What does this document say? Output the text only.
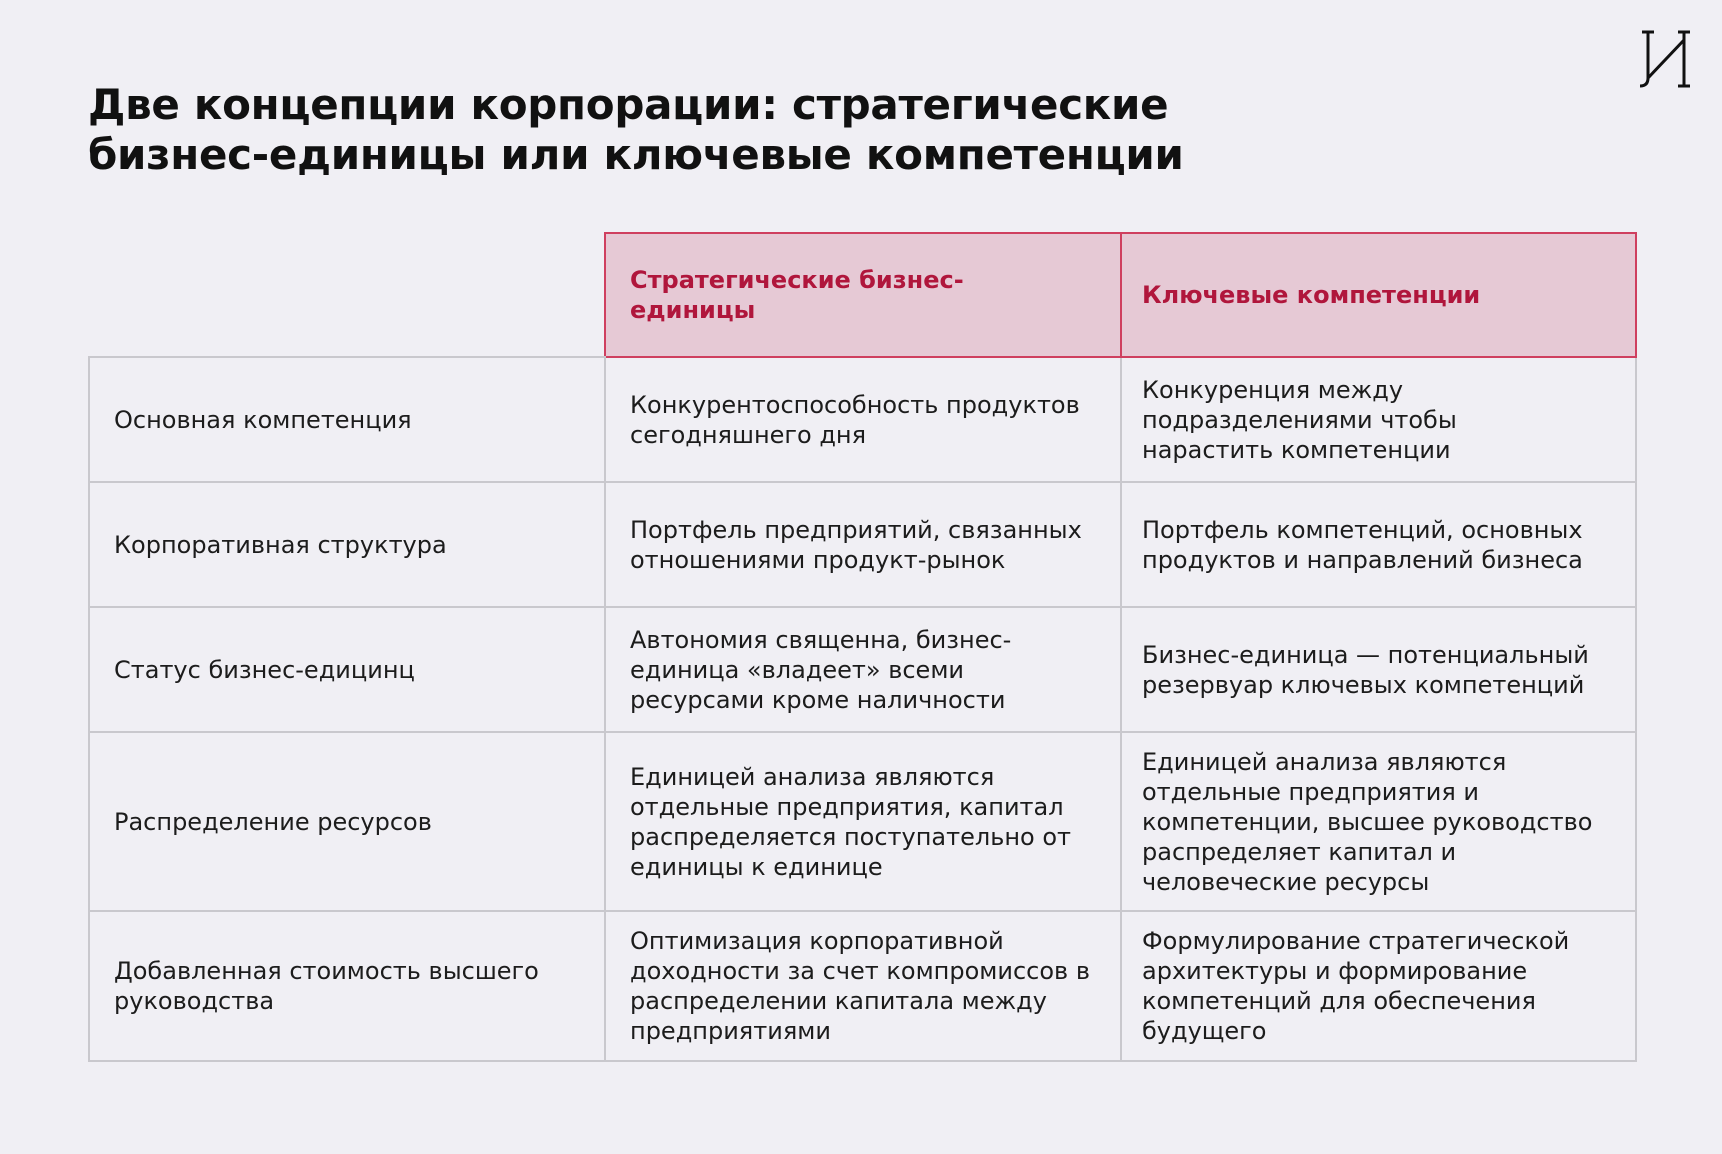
Две концепции корпорации: стратегические
бизнес-единицы или ключевые компетенции

	Стратегические бизнес-единицы	Ключевые компетенции

Основная компетенция	Конкурентоспособность продуктов сегодняшнего дня	Конкуренция между подразделениями чтобы нарастить компетенции

Корпоративная структура	Портфель предприятий, связанных отношениями продукт-рынок	Портфель компетенций, основных продуктов и направлений бизнеса

Статус бизнес-едицинц	Автономия священна, бизнес-единица «владеет» всеми ресурсами кроме наличности	Бизнес-единица — потенциальный резервуар ключевых компетенций

Распределение ресурсов	Единицей анализа являются отдельные предприятия, капитал распределяется поступательно от единицы к единице	Единицей анализа являются отдельные предприятия и компетенции, высшее руководство распределяет капитал и человеческие ресурсы

Добавленная стоимость высшего руководства	Оптимизация корпоративной доходности за счет компромиссов в распределении капитала между предприятиями	Формулирование стратегической архитектуры и формирование компетенций для обеспечения будущего
